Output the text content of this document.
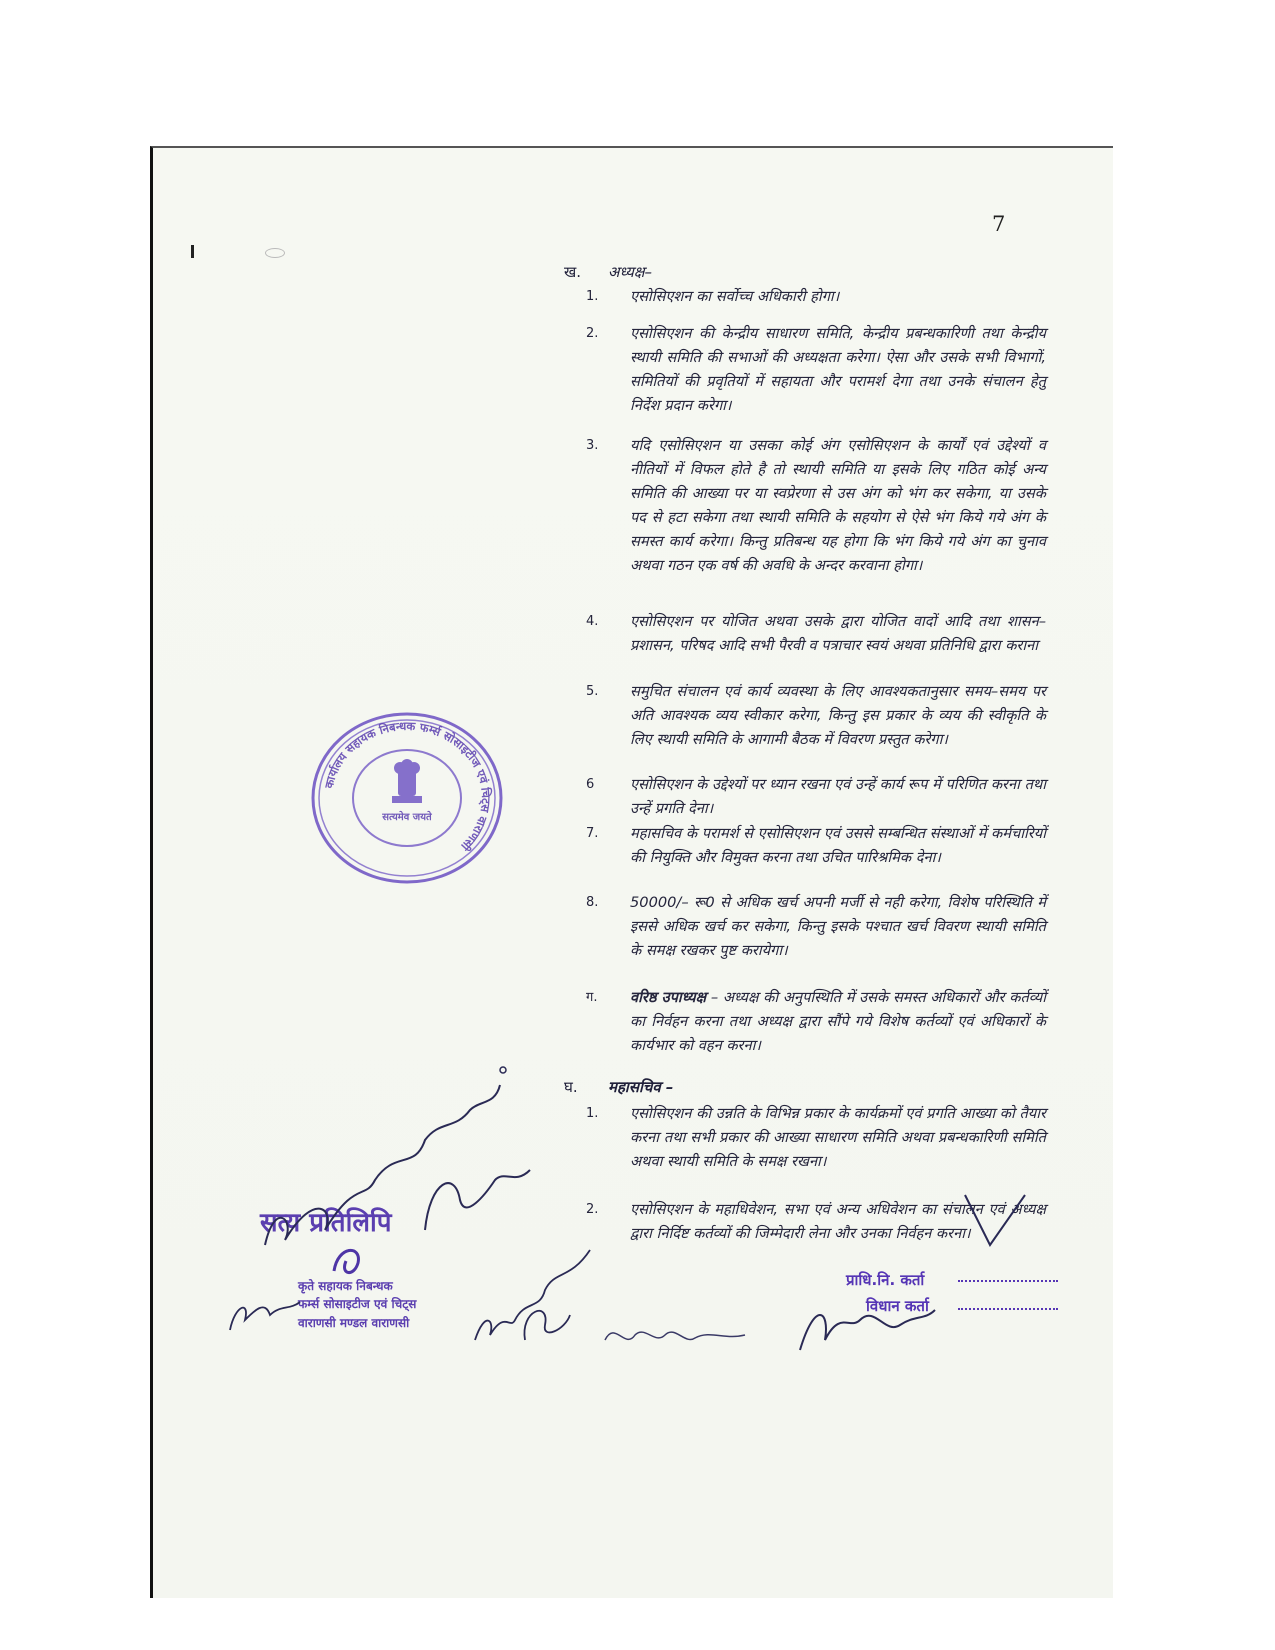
7
ख. अध्यक्ष–
1. एसोसिएशन का सर्वोच्च अधिकारी होगा।
2. एसोसिएशन की केन्द्रीय साधारण समिति, केन्द्रीय प्रबन्धकारिणी तथा केन्द्रीय स्थायी समिति की सभाओं की अध्यक्षता करेगा। ऐसा और उसके सभी विभागों, समितियों की प्रवृतियों में सहायता और परामर्श देगा तथा उनके संचालन हेतु निर्देश प्रदान करेगा।
3. यदि एसोसिएशन या उसका कोई अंग एसोसिएशन के कार्यों एवं उद्देश्यों व नीतियों में विफल होते है तो स्थायी समिति या इसके लिए गठित कोई अन्य समिति की आख्या पर या स्वप्रेरणा से उस अंग को भंग कर सकेगा, या उसके पद से हटा सकेगा तथा स्थायी समिति के सहयोग से ऐसे भंग किये गये अंग के समस्त कार्य करेगा। किन्तु प्रतिबन्ध यह होगा कि भंग किये गये अंग का चुनाव अथवा गठन एक वर्ष की अवधि के अन्दर करवाना होगा।
4. एसोसिएशन पर योजित अथवा उसके द्वारा योजित वादों आदि तथा शासन–प्रशासन, परिषद आदि सभी पैरवी व पत्राचार स्वयं अथवा प्रतिनिधि द्वारा कराना
5. समुचित संचालन एवं कार्य व्यवस्था के लिए आवश्यकतानुसार समय–समय पर अति आवश्यक व्यय स्वीकार करेगा, किन्तु इस प्रकार के व्यय की स्वीकृति के लिए स्थायी समिति के आगामी बैठक में विवरण प्रस्तुत करेगा।
6 एसोसिएशन के उद्देश्यों पर ध्यान रखना एवं उन्हें कार्य रूप में परिणित करना तथा उन्हें प्रगति देना।
7. महासचिव के परामर्श से एसोसिएशन एवं उससे सम्बन्धित संस्थाओं में कर्मचारियों की नियुक्ति और विमुक्त करना तथा उचित पारिश्रमिक देना।
8. 50000/– रू0 से अधिक खर्च अपनी मर्जी से नही करेगा, विशेष परिस्थिति में इससे अधिक खर्च कर सकेगा, किन्तु इसके पश्चात खर्च विवरण स्थायी समिति के समक्ष रखकर पुष्ट करायेगा।
ग. वरिष्ठ उपाध्यक्ष – अध्यक्ष की अनुपस्थिति में उसके समस्त अधिकारों और कर्तव्यों का निर्वहन करना तथा अध्यक्ष द्वारा सौंपे गये विशेष कर्तव्यों एवं अधिकारों के कार्यभार को वहन करना।
घ. महासचिव –
1. एसोसिएशन की उन्नति के विभिन्न प्रकार के कार्यक्रमों एवं प्रगति आख्या को तैयार करना तथा सभी प्रकार की आख्या साधारण समिति अथवा प्रबन्धकारिणी समिति अथवा स्थायी समिति के समक्ष रखना।
2. एसोसिएशन के महाधिवेशन, सभा एवं अन्य अधिवेशन का संचालन एवं अध्यक्ष द्वारा निर्दिष्ट कर्तव्यों की जिम्मेदारी लेना और उनका निर्वहन करना।
कार्यालय सहायक निबन्धक फर्म्स सोसाइटीज एवं चिट्स वाराणसी
सत्यमेव जयते
सत्य प्रतिलिपि
कृते सहायक निबन्धक
फर्म्स सोसाइटीज एवं चिट्स
वाराणसी मण्डल वाराणसी
प्राधि.नि. कर्ता
विधान कर्ता
